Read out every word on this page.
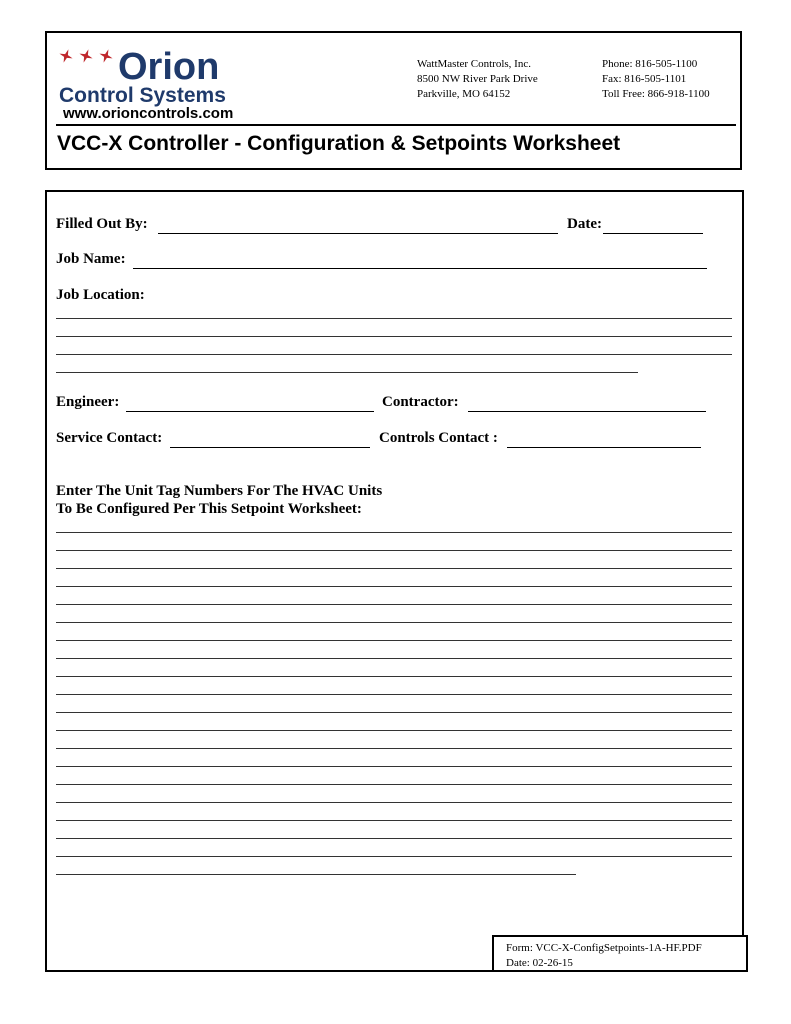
Orion
Control Systems
www.orioncontrols.com
WattMaster Controls, Inc.
8500 NW River Park Drive
Parkville, MO 64152
Phone: 816-505-1100
Fax: 816-505-1101
Toll Free: 866-918-1100
VCC-X Controller - Configuration & Setpoints Worksheet
Filled Out By:	Date:
Job Name:
Job Location:
Engineer:	Contractor:
Service Contact:	Controls Contact :
Enter The Unit Tag Numbers For The HVAC Units
To Be Configured Per This Setpoint Worksheet:
Form: VCC-X-ConfigSetpoints-1A-HF.PDF
Date: 02-26-15
